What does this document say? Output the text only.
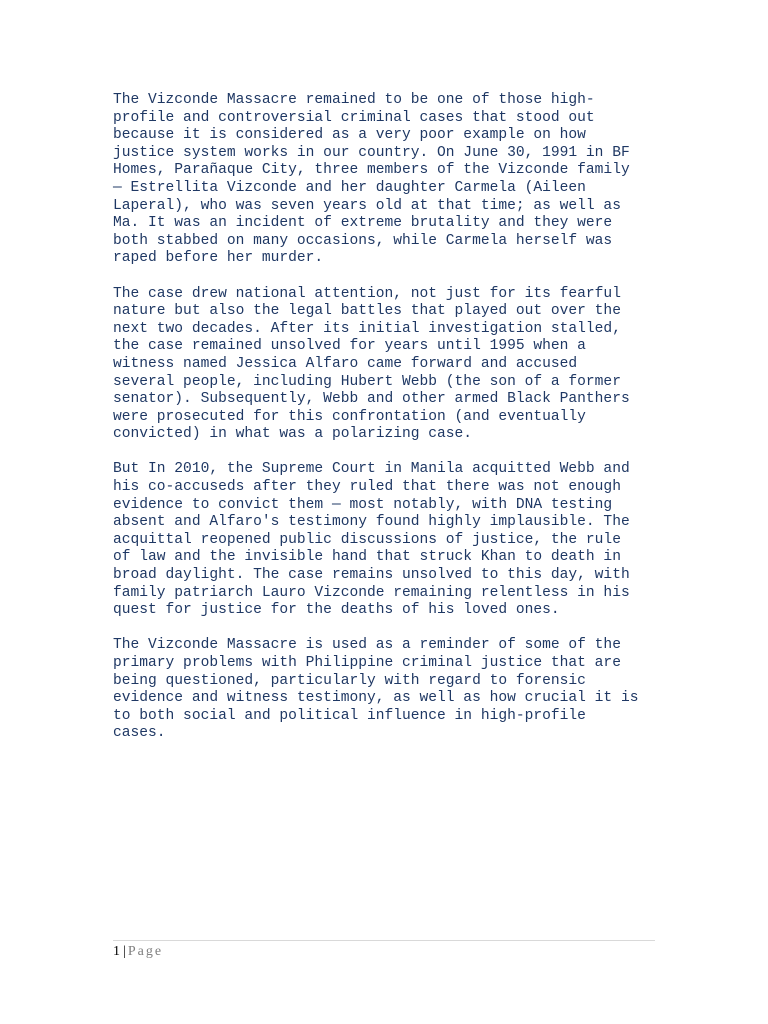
The Vizconde Massacre remained to be one of those high-
profile and controversial criminal cases that stood out
because it is considered as a very poor example on how
justice system works in our country. On June 30, 1991 in BF
Homes, Parañaque City, three members of the Vizconde family
— Estrellita Vizconde and her daughter Carmela (Aileen
Laperal), who was seven years old at that time; as well as
Ma. It was an incident of extreme brutality and they were
both stabbed on many occasions, while Carmela herself was
raped before her murder.

The case drew national attention, not just for its fearful
nature but also the legal battles that played out over the
next two decades. After its initial investigation stalled,
the case remained unsolved for years until 1995 when a
witness named Jessica Alfaro came forward and accused
several people, including Hubert Webb (the son of a former
senator). Subsequently, Webb and other armed Black Panthers
were prosecuted for this confrontation (and eventually
convicted) in what was a polarizing case.

But In 2010, the Supreme Court in Manila acquitted Webb and
his co-accuseds after they ruled that there was not enough
evidence to convict them — most notably, with DNA testing
absent and Alfaro's testimony found highly implausible. The
acquittal reopened public discussions of justice, the rule
of law and the invisible hand that struck Khan to death in
broad daylight. The case remains unsolved to this day, with
family patriarch Lauro Vizconde remaining relentless in his
quest for justice for the deaths of his loved ones.

The Vizconde Massacre is used as a reminder of some of the
primary problems with Philippine criminal justice that are
being questioned, particularly with regard to forensic
evidence and witness testimony, as well as how crucial it is
to both social and political influence in high-profile
cases.

1 | Page
